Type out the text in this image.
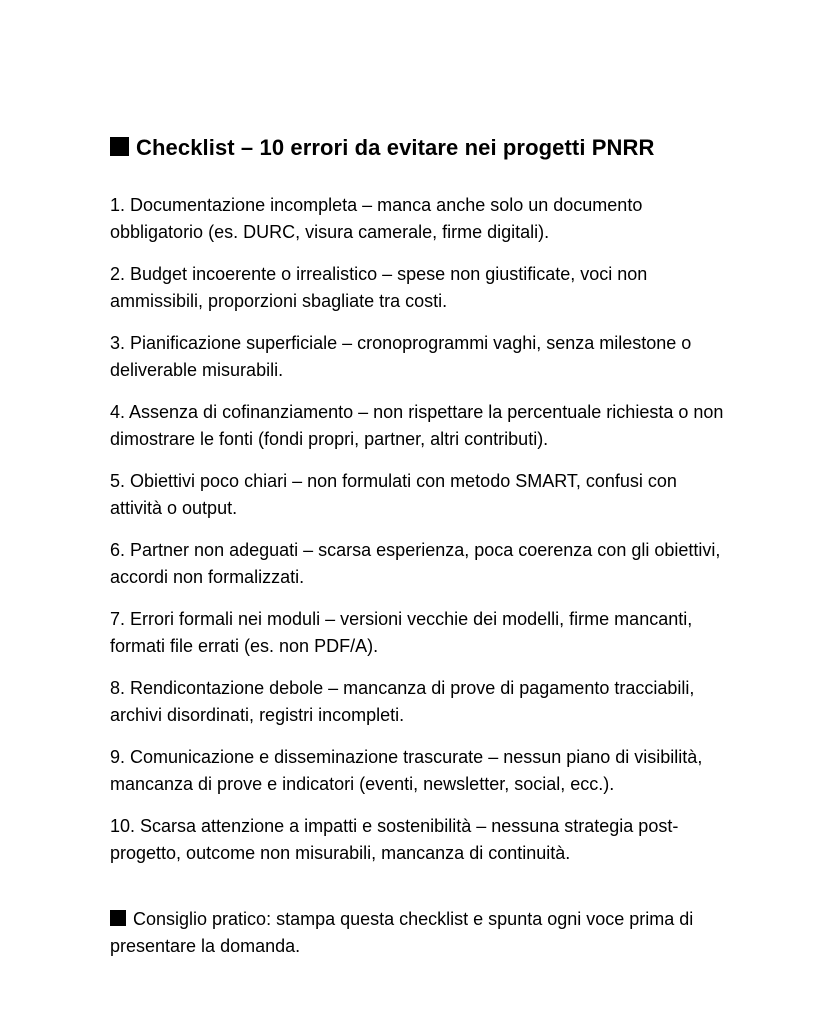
Checklist – 10 errori da evitare nei progetti PNRR

1. Documentazione incompleta – manca anche solo un documento obbligatorio (es. DURC, visura camerale, firme digitali).

2. Budget incoerente o irrealistico – spese non giustificate, voci non ammissibili, proporzioni sbagliate tra costi.

3. Pianificazione superficiale – cronoprogrammi vaghi, senza milestone o deliverable misurabili.

4. Assenza di cofinanziamento – non rispettare la percentuale richiesta o non dimostrare le fonti (fondi propri, partner, altri contributi).

5. Obiettivi poco chiari – non formulati con metodo SMART, confusi con attività o output.

6. Partner non adeguati – scarsa esperienza, poca coerenza con gli obiettivi, accordi non formalizzati.

7. Errori formali nei moduli – versioni vecchie dei modelli, firme mancanti, formati file errati (es. non PDF/A).

8. Rendicontazione debole – mancanza di prove di pagamento tracciabili, archivi disordinati, registri incompleti.

9. Comunicazione e disseminazione trascurate – nessun piano di visibilità, mancanza di prove e indicatori (eventi, newsletter, social, ecc.).

10. Scarsa attenzione a impatti e sostenibilità – nessuna strategia post-progetto, outcome non misurabili, mancanza di continuità.

Consiglio pratico: stampa questa checklist e spunta ogni voce prima di presentare la domanda.
